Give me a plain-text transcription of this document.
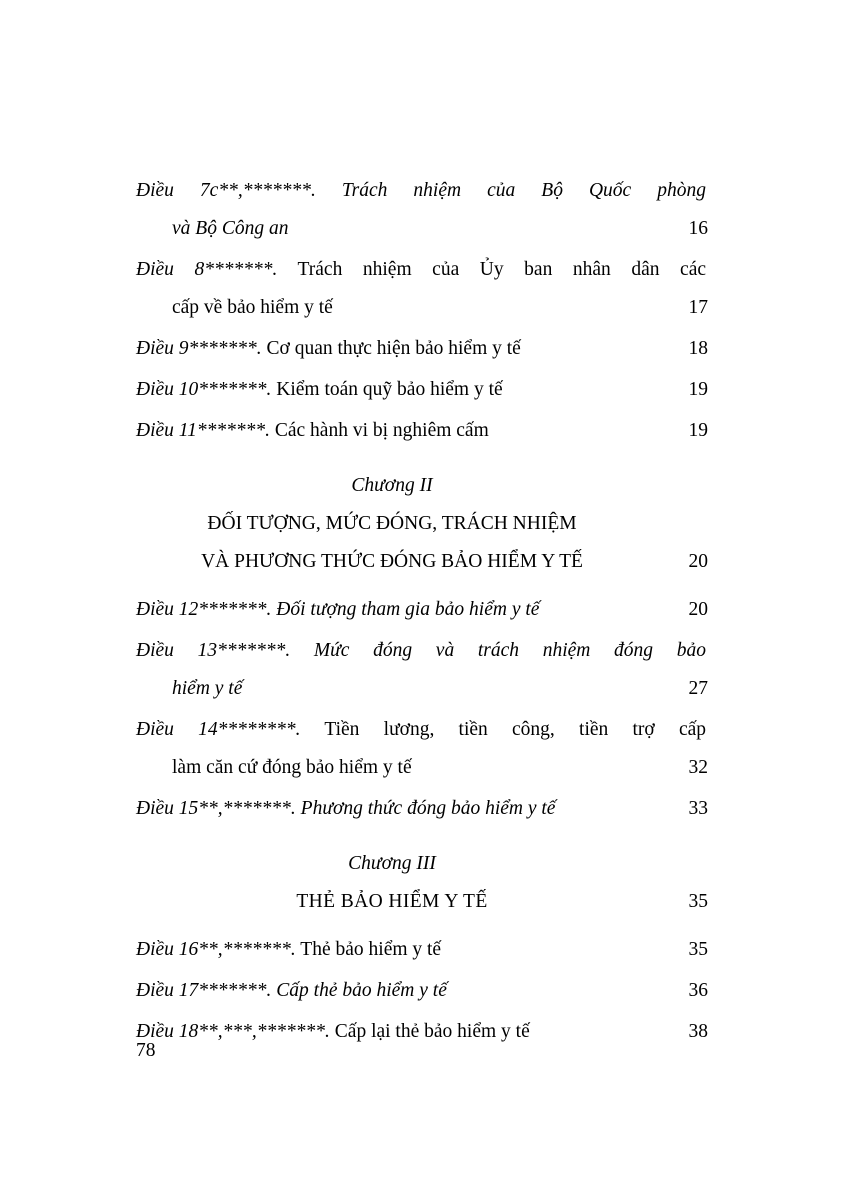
Điều 7c**,*******. Trách nhiệm của Bộ Quốc phòng
và Bộ Công an	16
Điều 8*******. Trách nhiệm của Ủy ban nhân dân các
cấp về bảo hiểm y tế	17
Điều 9*******. Cơ quan thực hiện bảo hiểm y tế	18
Điều 10*******. Kiểm toán quỹ bảo hiểm y tế	19
Điều 11*******. Các hành vi bị nghiêm cấm	19
Chương II
ĐỐI TƯỢNG, MỨC ĐÓNG, TRÁCH NHIỆM
VÀ PHƯƠNG THỨC ĐÓNG BẢO HIỂM Y TẾ	20
Điều 12*******. Đối tượng tham gia bảo hiểm y tế	20
Điều 13*******. Mức đóng và trách nhiệm đóng bảo
hiểm y tế	27
Điều 14********. Tiền lương, tiền công, tiền trợ cấp
làm căn cứ đóng bảo hiểm y tế	32
Điều 15**,*******. Phương thức đóng bảo hiểm y tế	33
Chương III
THẺ BẢO HIỂM Y TẾ	35
Điều 16**,*******. Thẻ bảo hiểm y tế	35
Điều 17*******. Cấp thẻ bảo hiểm y tế	36
Điều 18**,***,*******. Cấp lại thẻ bảo hiểm y tế	38
78
